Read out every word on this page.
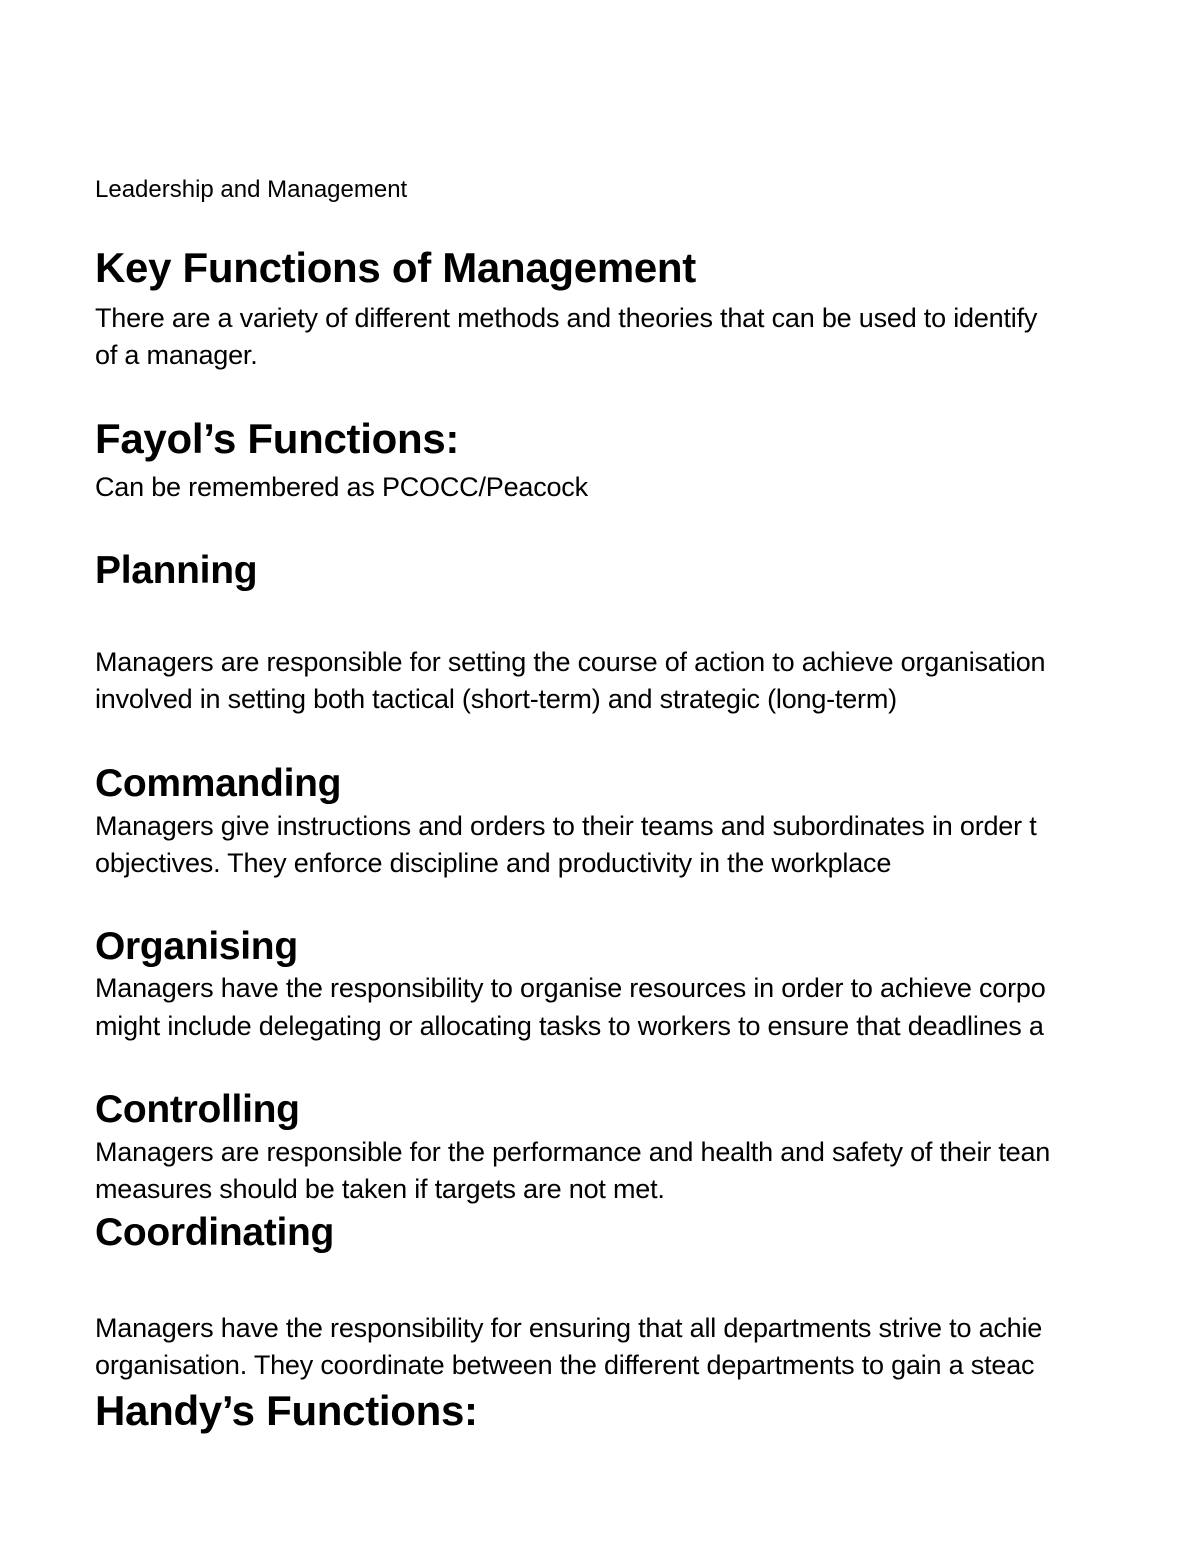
Leadership and Management

Key Functions of Management

There are a variety of different methods and theories that can be used to identify

of a manager.

Fayol’s Functions:

Can be remembered as PCOCC/Peacock

Planning

Managers are responsible for setting the course of action to achieve organisation

involved in setting both tactical (short-term) and strategic (long-term)

Commanding

Managers give instructions and orders to their teams and subordinates in order t

objectives. They enforce discipline and productivity in the workplace

Organising

Managers have the responsibility to organise resources in order to achieve corpo

might include delegating or allocating tasks to workers to ensure that deadlines a

Controlling

Managers are responsible for the performance and health and safety of their tean

measures should be taken if targets are not met.

Coordinating

Managers have the responsibility for ensuring that all departments strive to achie

organisation. They coordinate between the different departments to gain a steac

Handy’s Functions:
